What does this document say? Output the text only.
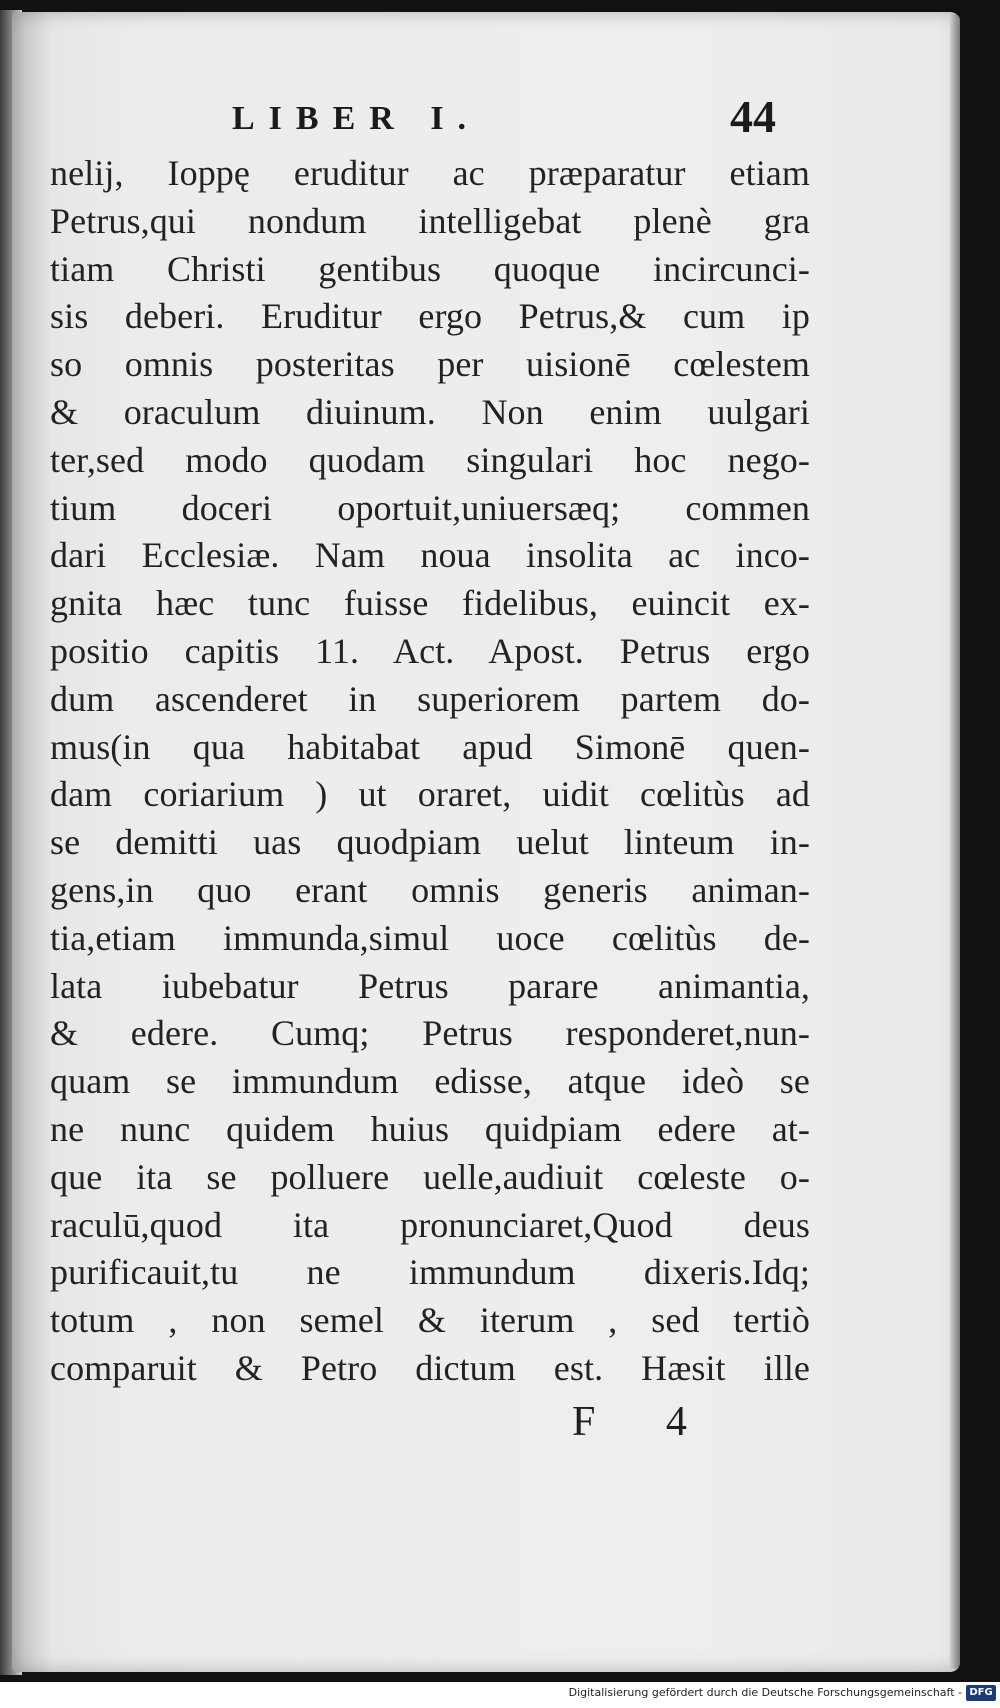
LIBER I.	44
nelij, Ioppę eruditur ac præparatur etiam
Petrus,qui nondum intelligebat plenè gra
tiam Christi gentibus quoque incircunci-
sis deberi. Eruditur ergo Petrus,& cum ip
so omnis posteritas per uisionē cœlestem
& oraculum diuinum. Non enim uulgari
ter,sed modo quodam singulari hoc nego-
tium doceri oportuit,uniuersæq; commen
dari Ecclesiæ. Nam noua insolita ac inco-
gnita hæc tunc fuisse fidelibus, euincit ex-
positio capitis 11. Act. Apost. Petrus ergo
dum ascenderet in superiorem partem do-
mus(in qua habitabat apud Simonē quen-
dam coriarium ) ut oraret, uidit cœlitùs ad
se demitti uas quodpiam uelut linteum in-
gens,in quo erant omnis generis animan-
tia,etiam immunda,simul uoce cœlitùs de-
lata iubebatur Petrus parare animantia,
& edere. Cumq; Petrus responderet,nun-
quam se immundum edisse, atque ideò se
ne nunc quidem huius quidpiam edere at-
que ita se polluere uelle,audiuit cœleste o-
raculū,quod ita pronunciaret,Quod deus
purificauit,tu ne immundum dixeris.Idq;
totum , non semel & iterum , sed tertiò
comparuit & Petro dictum est. Hæsit ille
F 4
Digitalisierung gefördert durch die Deutsche Forschungsgemeinschaft - DFG
